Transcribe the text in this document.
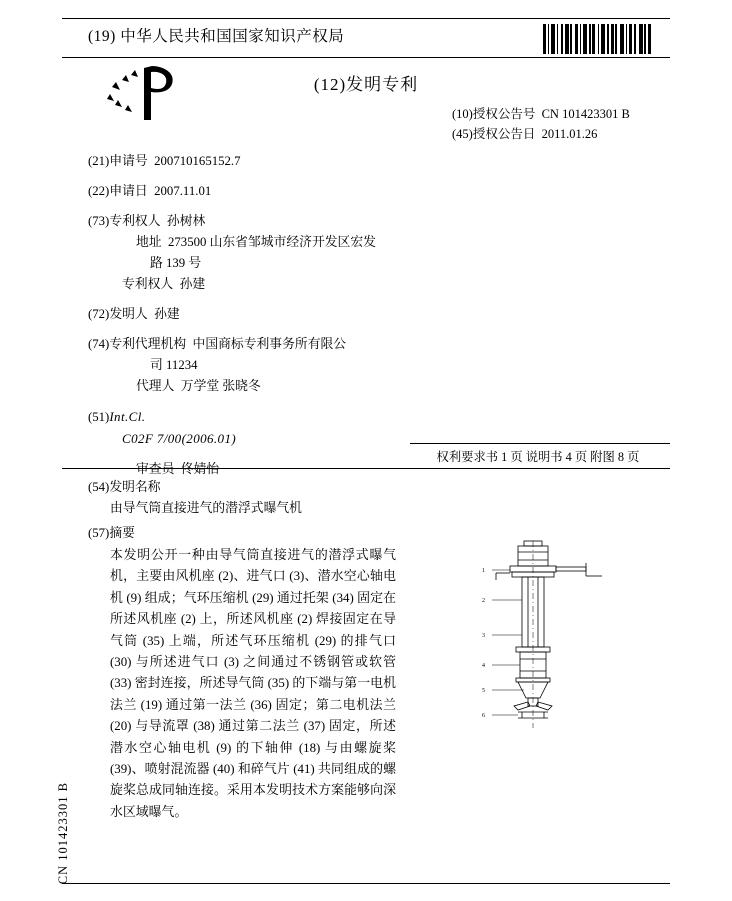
(19) 中华人民共和国国家知识产权局
(12)发明专利
(10)授权公告号 CN 101423301 B
(45)授权公告日 2011.01.26
(21)申请号 200710165152.7
(22)申请日 2007.11.01
(73)专利权人 孙树林
地址 273500 山东省邹城市经济开发区宏发
路 139 号
专利权人 孙建
(72)发明人 孙建
(74)专利代理机构 中国商标专利事务所有限公
司 11234
代理人 万学堂 张晓冬
(51)Int.Cl.
C02F 7/00(2006.01)
审查员 佟婧怡
权利要求书 1 页 说明书 4 页 附图 8 页
(54)发明名称
由导气筒直接进气的潜浮式曝气机
(57)摘要
本发明公开一种由导气筒直接进气的潜浮式曝气机，主要由风机座 (2)、进气口 (3)、潜水空心轴电机 (9) 组成；气环压缩机 (29) 通过托架 (34) 固定在所述风机座 (2) 上，所述风机座 (2) 焊接固定在导气筒 (35) 上端，所述气环压缩机 (29) 的排气口 (30) 与所述进气口 (3) 之间通过不锈钢管或软管 (33) 密封连接，所述导气筒 (35) 的下端与第一电机法兰 (19) 通过第一法兰 (36) 固定；第二电机法兰 (20) 与导流罩 (38) 通过第二法兰 (37) 固定，所述潜水空心轴电机 (9) 的下轴伸 (18) 与由螺旋桨 (39)、喷射混流器 (40) 和碎气片 (41) 共同组成的螺旋桨总成同轴连接。采用本发明技术方案能够向深水区域曝气。
CN 101423301 B
1
2
3
4
5
6
